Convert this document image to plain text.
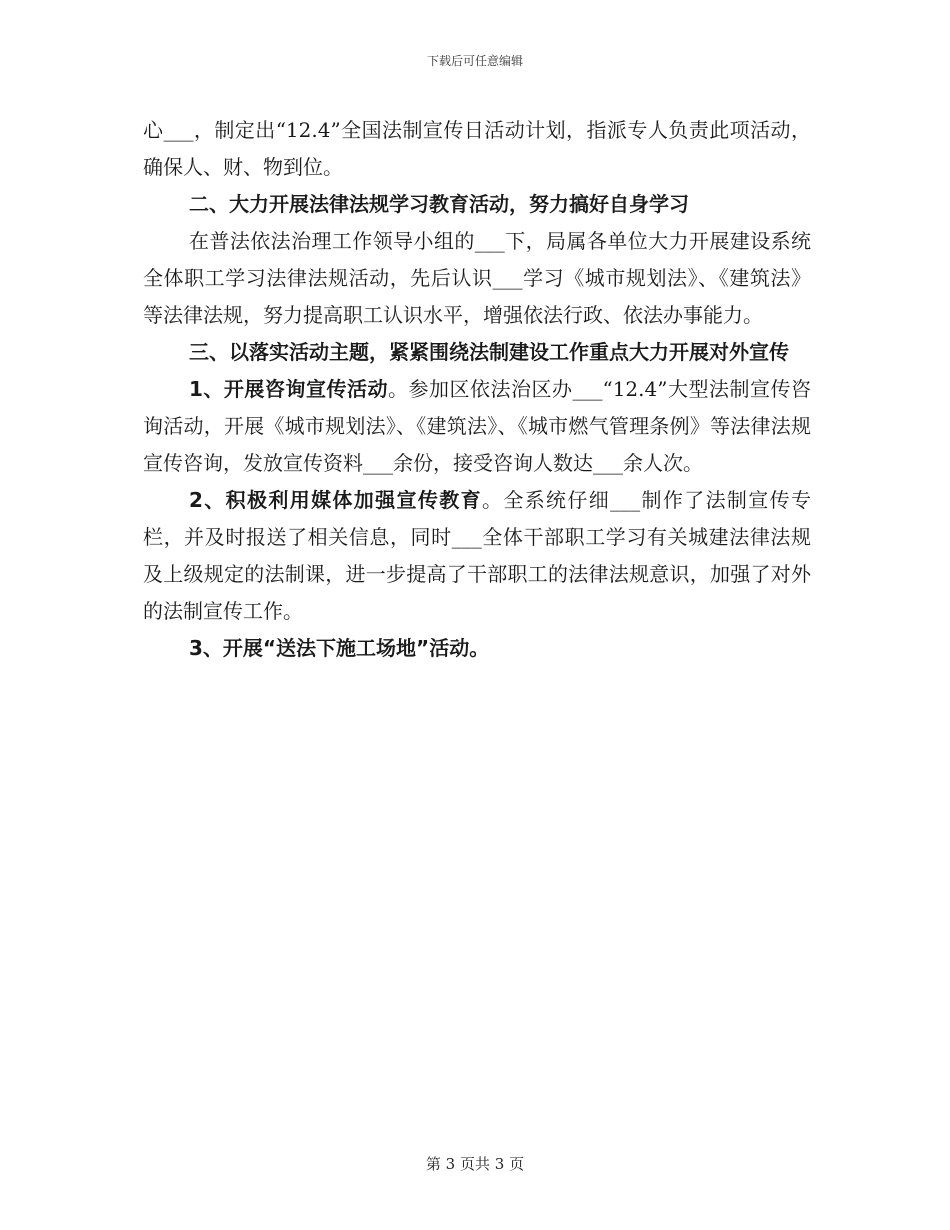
下载后可任意编辑

心___，制定出“12.4”全国法制宣传日活动计划，指派专人负责此项活动，确保人、财、物到位。

二、大力开展法律法规学习教育活动，努力搞好自身学习

在普法依法治理工作领导小组的___下，局属各单位大力开展建设系统全体职工学习法律法规活动，先后认识___学习《城市规划法》、《建筑法》等法律法规，努力提高职工认识水平，增强依法行政、依法办事能力。

三、以落实活动主题，紧紧围绕法制建设工作重点大力开展对外宣传

1、开展咨询宣传活动。参加区依法治区办___“12.4”大型法制宣传咨询活动，开展《城市规划法》、《建筑法》、《城市燃气管理条例》等法律法规宣传咨询，发放宣传资料___余份，接受咨询人数达___余人次。

2、积极利用媒体加强宣传教育。全系统仔细___制作了法制宣传专栏，并及时报送了相关信息，同时___全体干部职工学习有关城建法律法规及上级规定的法制课，进一步提高了干部职工的法律法规意识，加强了对外的法制宣传工作。

3、开展“送法下施工场地”活动。

第 3 页共 3 页
